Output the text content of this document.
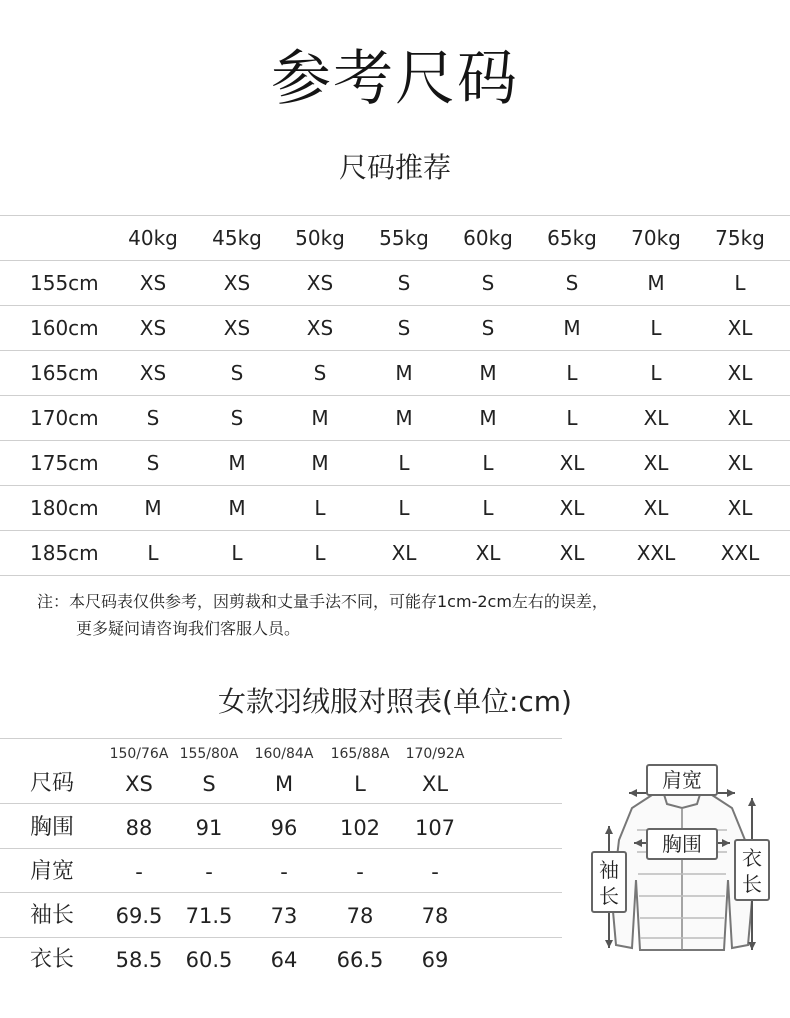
参考尺码
尺码推荐
40kg	45kg	50kg	55kg	60kg	65kg	70kg	75kg
155cm	XS	XS	XS	S	S	S	M	L
160cm	XS	XS	XS	S	S	M	L	XL
165cm	XS	S	S	M	M	L	L	XL
170cm	S	S	M	M	M	L	XL	XL
175cm	S	M	M	L	L	XL	XL	XL
180cm	M	M	L	L	L	XL	XL	XL
185cm	L	L	L	XL	XL	XL	XXL	XXL
注：本尺码表仅供参考，因剪裁和丈量手法不同，可能存1cm-2cm左右的误差，
更多疑问请咨询我们客服人员。
女款羽绒服对照表(单位:cm)
150/76A 155/80A	160/84A	165/88A	170/92A
尺码	XS	S	M	L	XL
胸围	88	91	96	102	107
肩宽	-	-	-	-	-
袖长	69.5	71.5	73	78	78
衣长	58.5	60.5	64	66.5	69
肩宽
胸围
袖
长
衣
长
